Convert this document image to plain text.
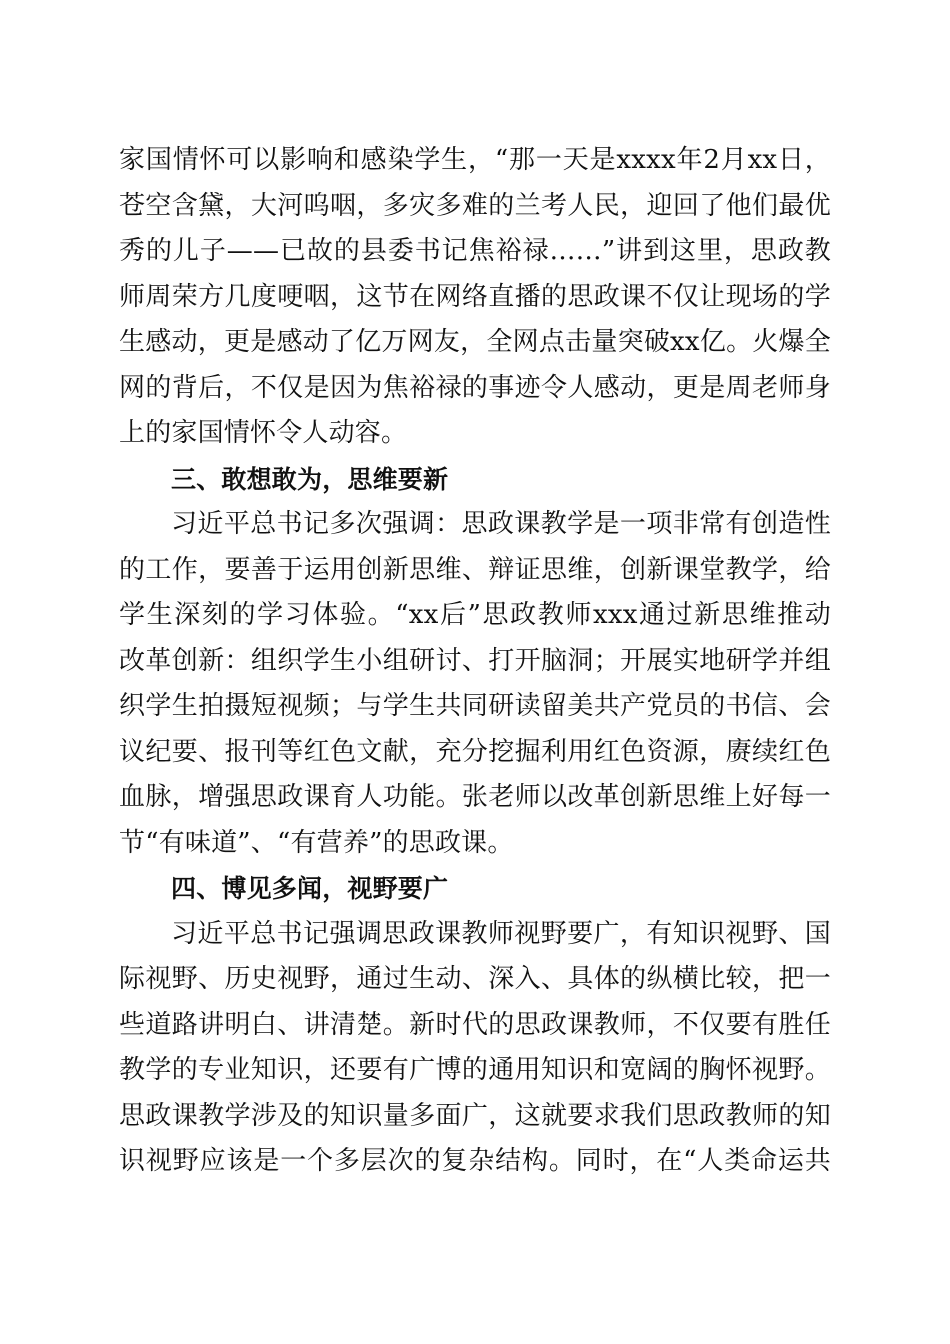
家国情怀可以影响和感染学生，“那一天是xxxx年2月xx日，
苍空含黛，大河呜咽，多灾多难的兰考人民，迎回了他们最优
秀的儿子——已故的县委书记焦裕禄……”讲到这里，思政教
师周荣方几度哽咽，这节在网络直播的思政课不仅让现场的学
生感动，更是感动了亿万网友，全网点击量突破xx亿。火爆全
网的背后，不仅是因为焦裕禄的事迹令人感动，更是周老师身
上的家国情怀令人动容。
三、敢想敢为，思维要新
习近平总书记多次强调：思政课教学是一项非常有创造性
的工作，要善于运用创新思维、辩证思维，创新课堂教学，给
学生深刻的学习体验。“xx后”思政教师xxx通过新思维推动
改革创新：组织学生小组研讨、打开脑洞；开展实地研学并组
织学生拍摄短视频；与学生共同研读留美共产党员的书信、会
议纪要、报刊等红色文献，充分挖掘利用红色资源，赓续红色
血脉，增强思政课育人功能。张老师以改革创新思维上好每一
节“有味道”、“有营养”的思政课。
四、博见多闻，视野要广
习近平总书记强调思政课教师视野要广，有知识视野、国
际视野、历史视野，通过生动、深入、具体的纵横比较，把一
些道路讲明白、讲清楚。新时代的思政课教师，不仅要有胜任
教学的专业知识，还要有广博的通用知识和宽阔的胸怀视野。
思政课教学涉及的知识量多面广，这就要求我们思政教师的知
识视野应该是一个多层次的复杂结构。同时，在“人类命运共
